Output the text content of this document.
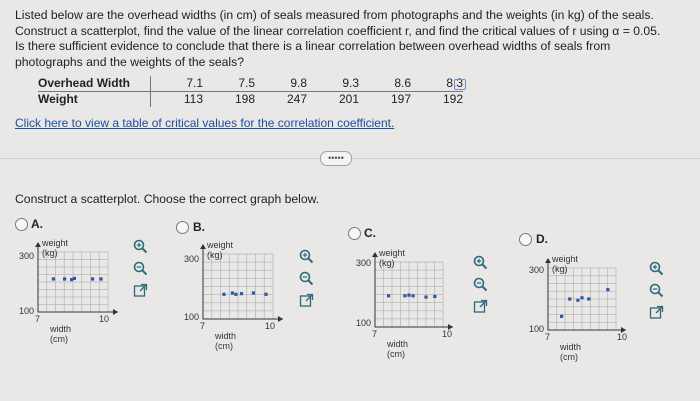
Listed below are the overhead widths (in cm) of seals measured from photographs and the weights (in kg) of the seals.
Construct a scatterplot, find the value of the linear correlation coefficient r, and find the critical values of r using α = 0.05.
Is there sufficient evidence to conclude that there is a linear correlation between overhead widths of seals from
photographs and the weights of the seals?
Overhead Width	7.1	7.5	9.8	9.3	8.6	8.3
Weight	113	198	247	201	197	192
Click here to view a table of critical values for the correlation coefficient.
•••••
Construct a scatterplot. Choose the correct graph below.
A.
weight (kg)
300
100
7	10
width (cm)
B.
weight (kg)
300
100
7	10
width (cm)
C.
weight (kg)
300
100
7	10
width (cm)
D.
weight (kg)
300
100
7	10
width (cm)
